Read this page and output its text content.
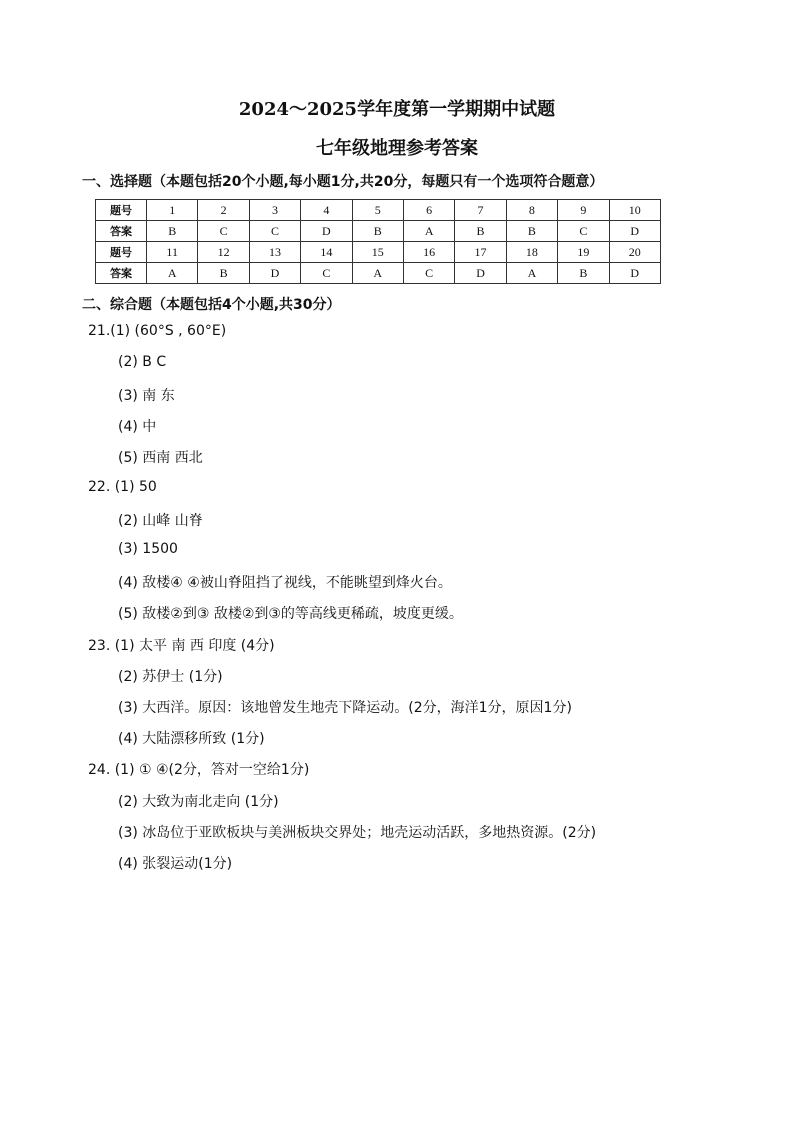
2024～2025学年度第一学期期中试题
七年级地理参考答案
一、选择题（本题包括20个小题,每小题1分,共20分，每题只有一个选项符合题意）
题号	1	2	3	4	5	6	7	8	9	10
答案	B	C	C	D	B	A	B	B	C	D
题号	11	12	13	14	15	16	17	18	19	20
答案	A	B	D	C	A	C	D	A	B	D
二、综合题（本题包括4个小题,共30分）
21.(1) (60°S , 60°E)
(2) B C
(3) 南 东
(4) 中
(5) 西南 西北
22. (1) 50
(2) 山峰 山脊
(3) 1500
(4) 敌楼④ ④被山脊阻挡了视线，不能眺望到烽火台。
(5) 敌楼②到③ 敌楼②到③的等高线更稀疏，坡度更缓。
23. (1) 太平 南 西 印度 (4分)
(2) 苏伊士 (1分)
(3) 大西洋。原因：该地曾发生地壳下降运动。(2分，海洋1分，原因1分)
(4) 大陆漂移所致 (1分)
24. (1) ① ④(2分，答对一空给1分)
(2) 大致为南北走向 (1分)
(3) 冰岛位于亚欧板块与美洲板块交界处；地壳运动活跃，多地热资源。(2分)
(4) 张裂运动(1分)
